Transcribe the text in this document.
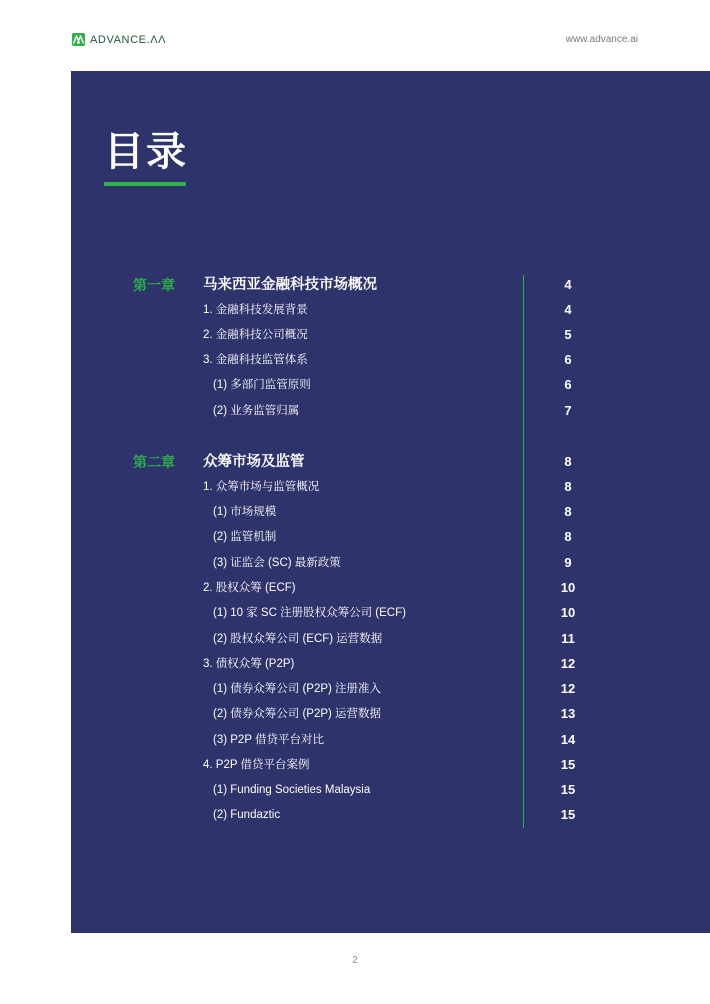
ADVANCE.ΛΛ	www.advance.ai
目录
第一章 马来西亚金融科技市场概况	4
1. 金融科技发展背景	4
2. 金融科技公司概况	5
3. 金融科技监管体系	6
(1) 多部门监管原则	6
(2) 业务监管归属	7
第二章 众筹市场及监管	8
1. 众筹市场与监管概况	8
(1) 市场规模	8
(2) 监管机制	8
(3) 证监会 (SC) 最新政策	9
2. 股权众筹 (ECF)	10
(1) 10 家 SC 注册股权众筹公司 (ECF)	10
(2) 股权众筹公司 (ECF) 运营数据	11
3. 债权众筹 (P2P)	12
(1) 债券众筹公司 (P2P) 注册准入	12
(2) 债券众筹公司 (P2P) 运营数据	13
(3) P2P 借贷平台对比	14
4. P2P 借贷平台案例	15
(1) Funding Societies Malaysia	15
(2) Fundaztic	15
2
